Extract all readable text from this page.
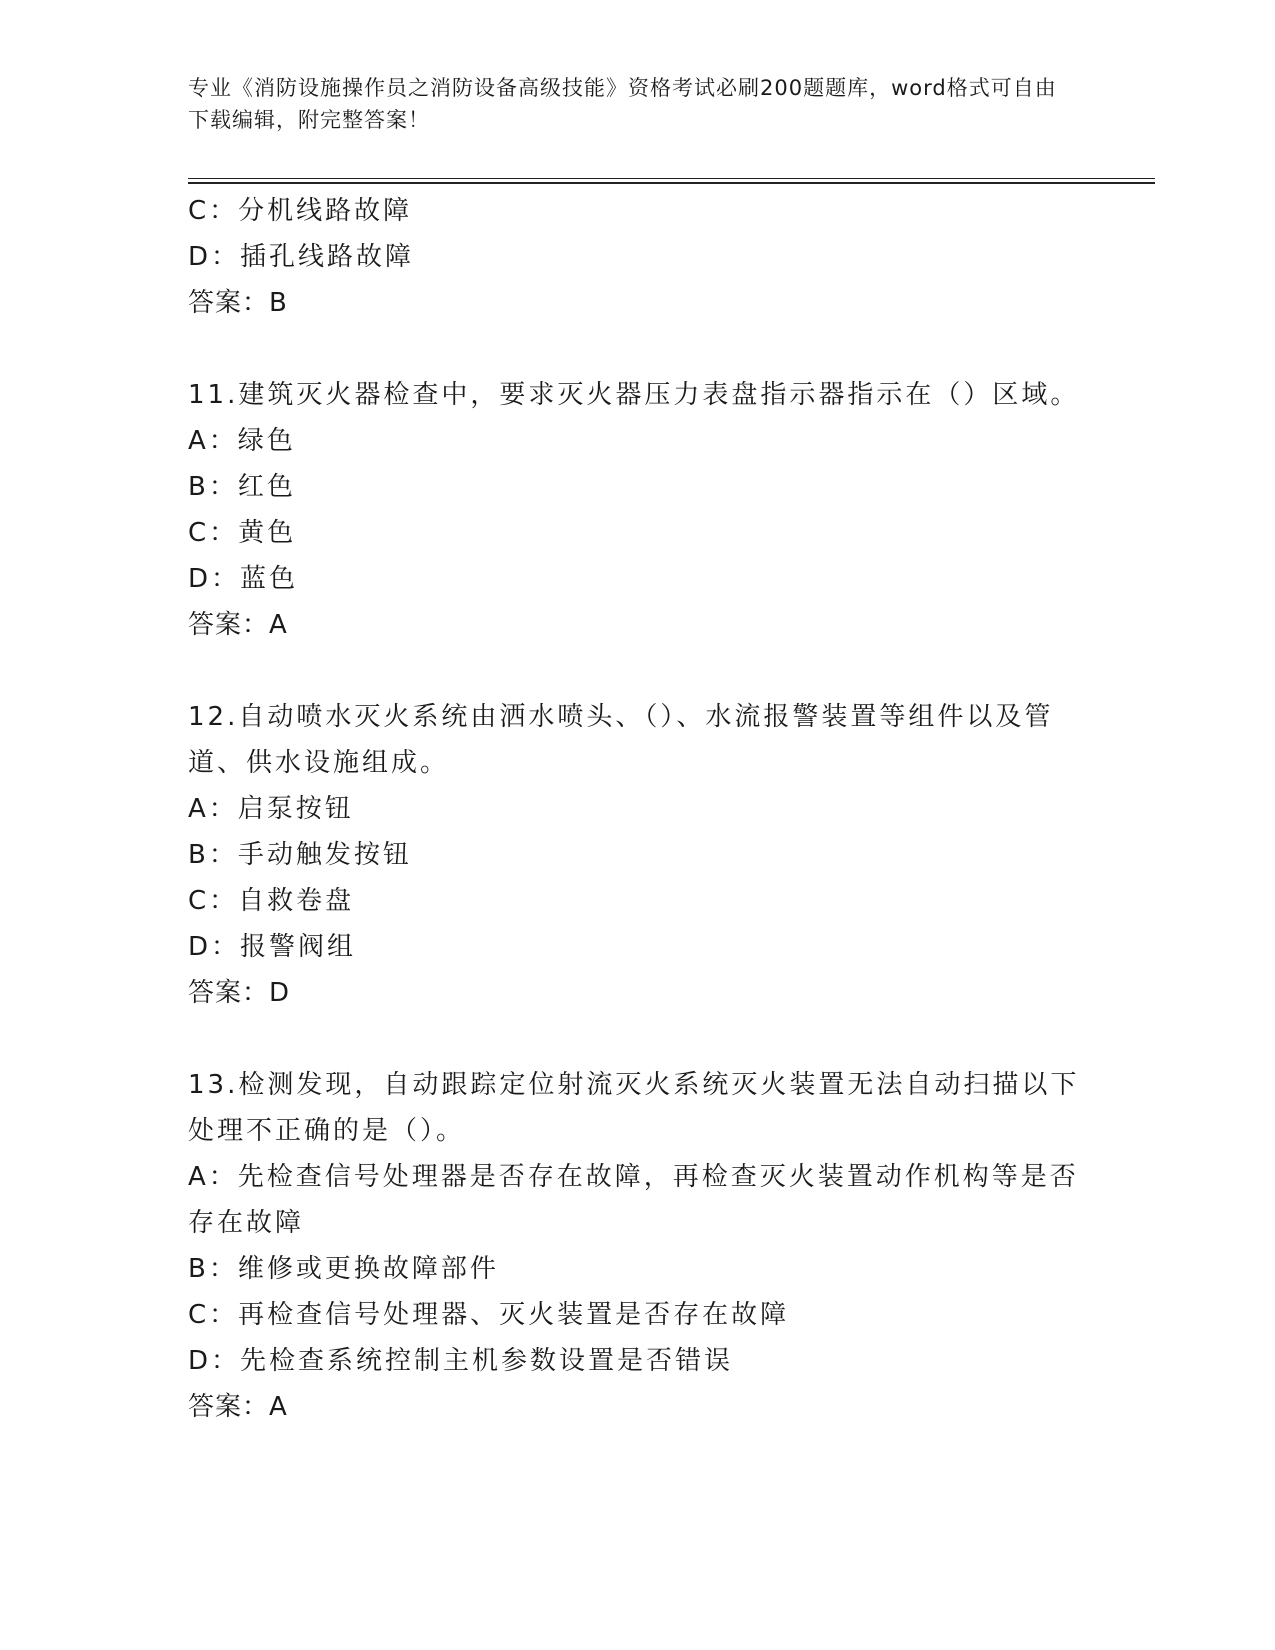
专业《消防设施操作员之消防设备高级技能》资格考试必刷200题题库，word格式可自由下载编辑，附完整答案！

C：分机线路故障

D：插孔线路故障

答案：B

11.建筑灭火器检查中，要求灭火器压力表盘指示器指示在（）区域。

A：绿色

B：红色

C：黄色

D：蓝色

答案：A

12.自动喷水灭火系统由洒水喷头、（）、水流报警装置等组件以及管道、供水设施组成。

A：启泵按钮

B：手动触发按钮

C：自救卷盘

D：报警阀组

答案：D

13.检测发现，自动跟踪定位射流灭火系统灭火装置无法自动扫描以下处理不正确的是（）。

A：先检查信号处理器是否存在故障，再检查灭火装置动作机构等是否存在故障

B：维修或更换故障部件

C：再检查信号处理器、灭火装置是否存在故障

D：先检查系统控制主机参数设置是否错误

答案：A
